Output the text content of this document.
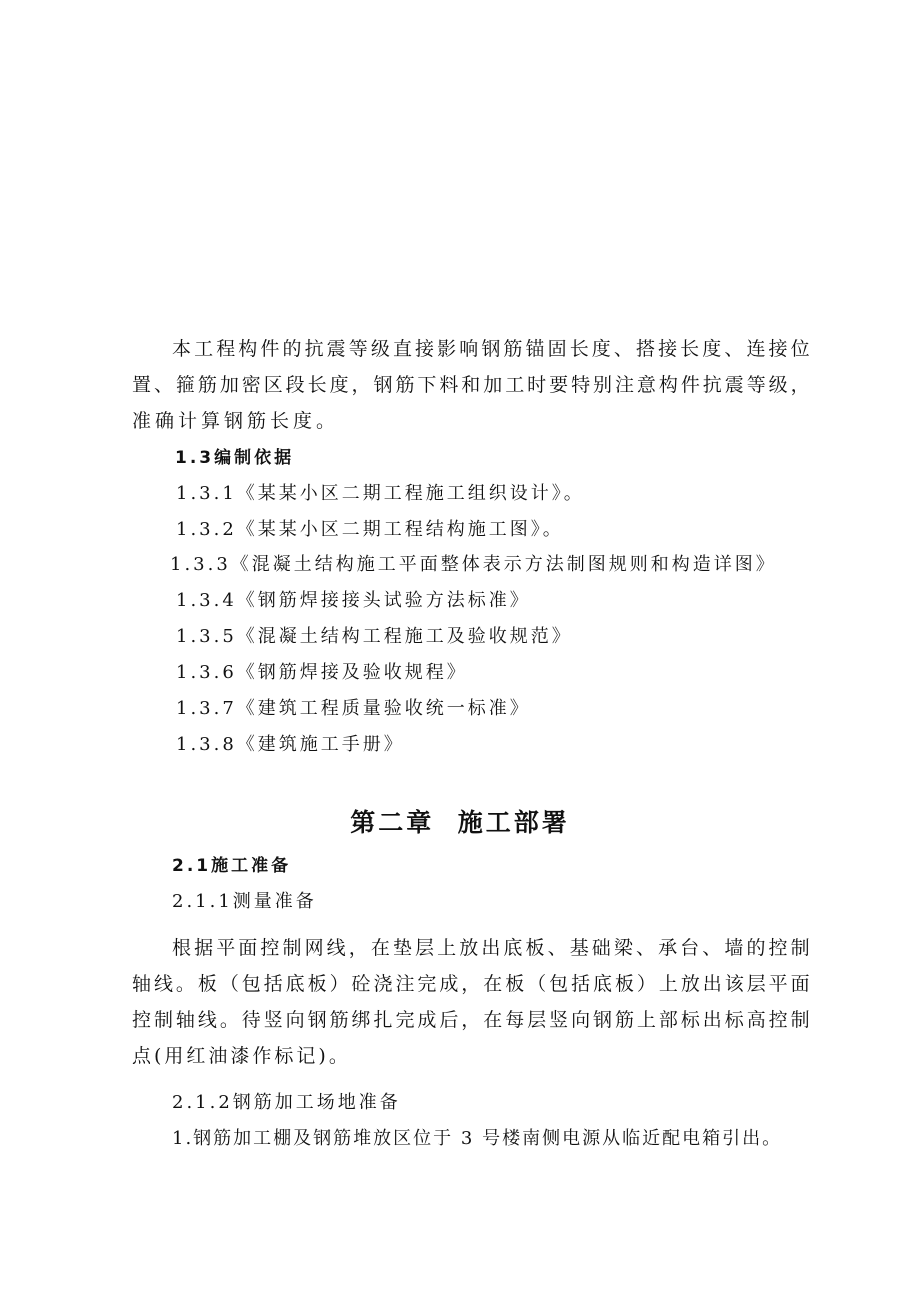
本 工 程 构 件 的 抗 震 等 级 直 接 影 响 钢 筋 锚 固 长 度 、 搭 接 长 度 、 连 接 位
置 、 箍 筋 加 密 区 段 长 度 ， 钢 筋 下 料 和 加 工 时 要 特 别 注 意 构 件 抗 震 等 级 ，
准确计算钢筋长度。
1.3编制依据
1.3.1《某某小区二期工程施工组织设计》。
1.3.2《某某小区二期工程结构施工图》。
1.3.3《混凝土结构施工平面整体表示方法制图规则和构造详图》
1.3.4《钢筋焊接接头试验方法标准》
1.3.5《混凝土结构工程施工及验收规范》
1.3.6《钢筋焊接及验收规程》
1.3.7《建筑工程质量验收统一标准》
1.3.8《建筑施工手册》
第二章  施工部署
2.1施工准备
2.1.1测量准备
根 据 平 面 控 制 网 线 ， 在 垫 层 上 放 出 底 板 、 基 础 梁 、 承 台 、 墙 的 控 制
轴 线 。 板 （ 包 括 底 板 ） 砼 浇 注 完 成 ， 在 板 （ 包 括 底 板 ） 上 放 出 该 层 平 面
控 制 轴 线 。 待 竖 向 钢 筋 绑 扎 完 成 后 ， 在 每 层 竖 向 钢 筋 上 部 标 出 标 高 控 制
点(用红油漆作标记)。
2.1.2钢筋加工场地准备
1.钢筋加工棚及钢筋堆放区位于 3 号楼南侧电源从临近配电箱引出。
